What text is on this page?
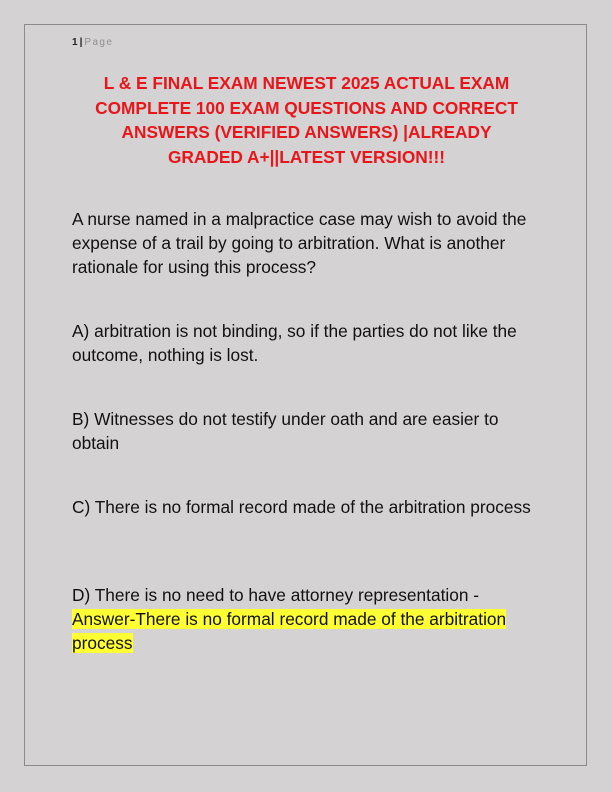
1 | Page
L & E FINAL EXAM NEWEST 2025 ACTUAL EXAM
COMPLETE 100 EXAM QUESTIONS AND CORRECT
ANSWERS (VERIFIED ANSWERS) |ALREADY
GRADED A+||LATEST VERSION!!!

A nurse named in a malpractice case may wish to avoid the expense of a trail by going to arbitration. What is another rationale for using this process?

A) arbitration is not binding, so if the parties do not like the outcome, nothing is lost.

B) Witnesses do not testify under oath and are easier to obtain

C) There is no formal record made of the arbitration process

D) There is no need to have attorney representation -
Answer-There is no formal record made of the arbitration process
